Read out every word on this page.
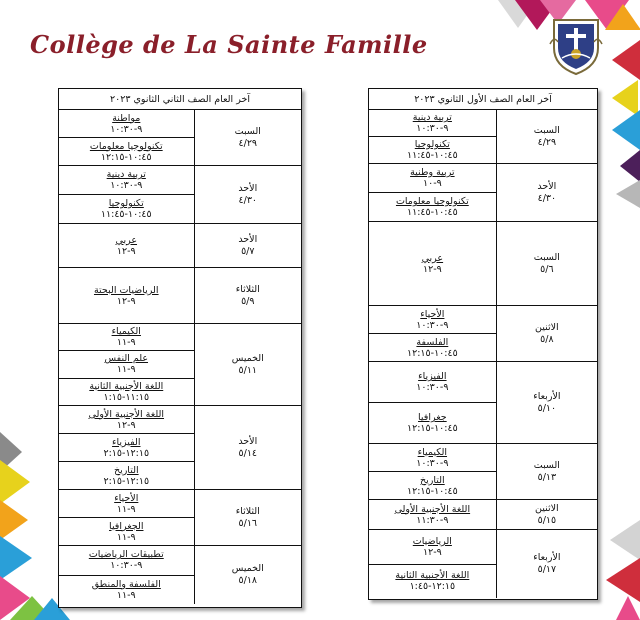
Collège de La Sainte Famille
آخر العام الصف الثاني الثانوي ٢٠٢٣
السبت
٤/٢٩
مواطنة
٩-١٠:٣٠
تكنولوجيا معلومات
١٠:٤٥-١٢:١٥
الأحد
٤/٣٠
تربية دينية
٩-١٠:٣٠
تكنولوجيا
١٠:٤٥-١١:٤٥
الأحد
٥/٧
عربي
٩-١٢
الثلاثاء
٥/٩
الرياضيات البحتة
٩-١٢
الخميس
٥/١١
الكيمياء
٩-١١
علم النفس
٩-١١
اللغة الأجنبية الثانية
١١:١٥-١:١٥
الأحد
٥/١٤
اللغة الأجنبية الأولى
٩-١٢
الفيزياء
١٢:١٥-٢:١٥
التاريخ
١٢:١٥-٢:١٥
الثلاثاء
٥/١٦
الأحياء
٩-١١
الجغرافيا
٩-١١
الخميس
٥/١٨
تطبيقات الرياضيات
٩-١٠:٣٠
الفلسفة والمنطق
٩-١١
آخر العام الصف الأول الثانوي ٢٠٢٣
السبت
٤/٢٩
تربية دينية
٩-١٠:٣٠
تكنولوجيا
١٠:٤٥-١١:٤٥
الأحد
٤/٣٠
تربية وطنية
٩-١٠
تكنولوجيا معلومات
١٠:٤٥-١١:٤٥
السبت
٥/٦
عربي
٩-١٢
الاثنين
٥/٨
الأحياء
٩-١٠:٣٠
الفلسفة
١٠:٤٥-١٢:١٥
الأربعاء
٥/١٠
الفيزياء
٩-١٠:٣٠
جغرافيا
١٠:٤٥-١٢:١٥
السبت
٥/١٣
الكيمياء
٩-١٠:٣٠
التاريخ
١٠:٤٥-١٢:١٥
الاثنين
٥/١٥
اللغة الأجنبية الأولى
٩-١١:٣٠
الأربعاء
٥/١٧
الرياضيات
٩-١٢
اللغة الأجنبية الثانية
١٢:١٥-١:٤٥
